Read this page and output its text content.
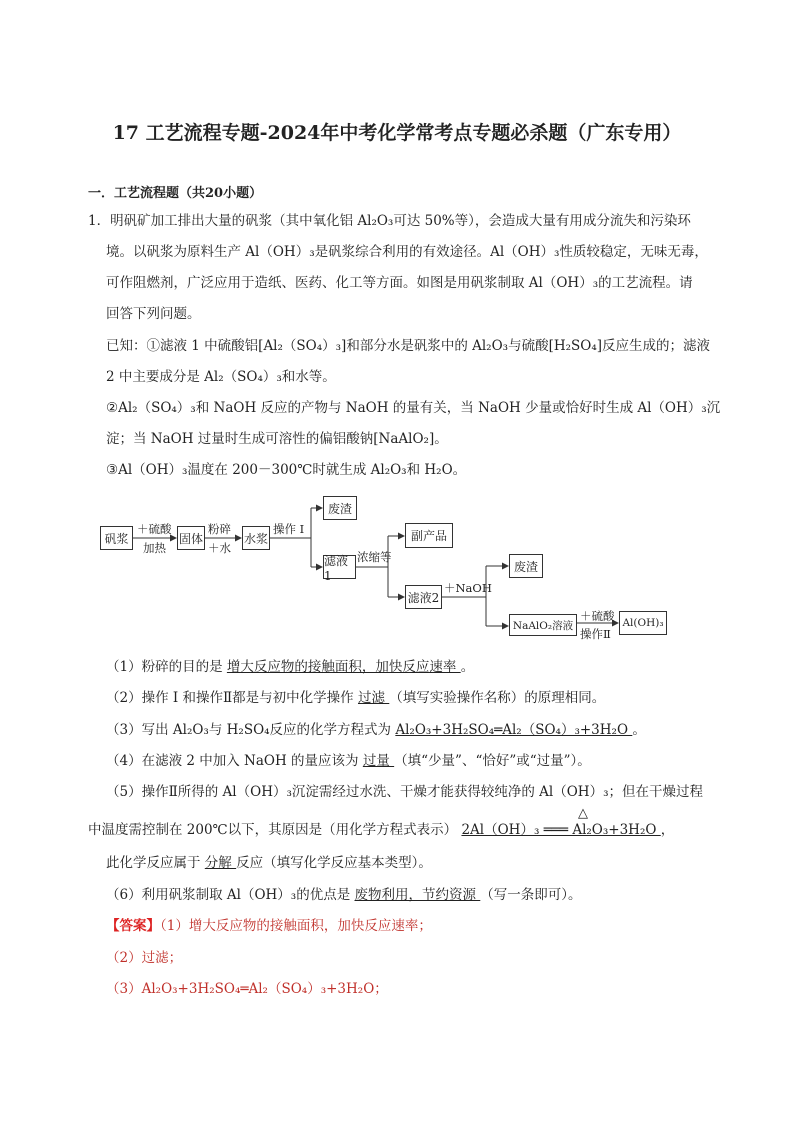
17 工艺流程专题-2024年中考化学常考点专题必杀题（广东专用）
一．工艺流程题（共20小题）
1．明矾矿加工排出大量的矾浆（其中氧化铝 Al₂O₃可达 50%等），会造成大量有用成分流失和污染环
境。以矾浆为原料生产 Al（OH）₃是矾浆综合利用的有效途径。Al（OH）₃性质较稳定，无味无毒，
可作阻燃剂，广泛应用于造纸、医药、化工等方面。如图是用矾浆制取 Al（OH）₃的工艺流程。请
回答下列问题。
已知：①滤液 1 中硫酸铝[Al₂（SO₄）₃]和部分水是矾浆中的 Al₂O₃与硫酸[H₂SO₄]反应生成的；滤液
2 中主要成分是 Al₂（SO₄）₃和水等。
②Al₂（SO₄）₃和 NaOH 反应的产物与 NaOH 的量有关，当 NaOH 少量或恰好时生成 Al（OH）₃沉
淀；当 NaOH 过量时生成可溶性的偏铝酸钠[NaAlO₂]。
③Al（OH）₃温度在 200－300℃时就生成 Al₂O₃和 H₂O。
矾浆	固体	水浆
废渣
滤液1
副产品
滤液2
废渣
NaAlO₂溶液	Al(OH)₃
＋硫酸
加热
粉碎
＋水
操作 I
浓缩等
＋NaOH
＋硫酸
操作Ⅱ
（1）粉碎的目的是 增大反应物的接触面积，加快反应速率 。
（2）操作 I 和操作Ⅱ都是与初中化学操作 过滤 （填写实验操作名称）的原理相同。
（3）写出 Al₂O₃与 H₂SO₄反应的化学方程式为 Al₂O₃+3H₂SO₄═Al₂（SO₄）₃+3H₂O 。
（4）在滤液 2 中加入 NaOH 的量应该为 过量 （填“少量”、“恰好”或“过量”）。
（5）操作Ⅱ所得的 Al（OH）₃沉淀需经过水洗、干燥才能获得较纯净的 Al（OH）₃；但在干燥过程
△
中温度需控制在 200℃以下，其原因是（用化学方程式表示） 2Al（OH）₃ ═══ Al₂O₃+3H₂O ，
此化学反应属于 分解 反应（填写化学反应基本类型）。
（6）利用矾浆制取 Al（OH）₃的优点是 废物利用，节约资源 （写一条即可）。
【答案】（1）增大反应物的接触面积，加快反应速率；
（2）过滤；
（3）Al₂O₃+3H₂SO₄═Al₂（SO₄）₃+3H₂O；
